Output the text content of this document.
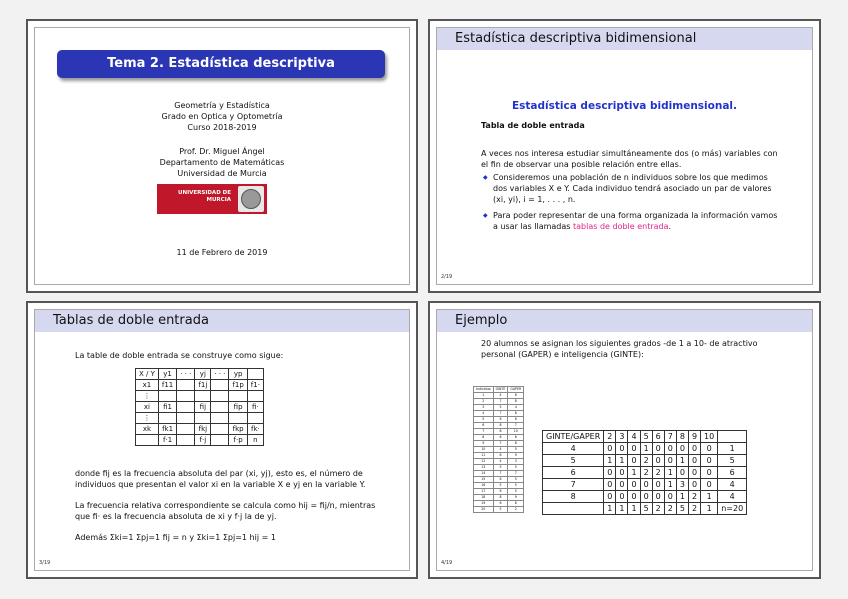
Tema 2. Estadística descriptiva bidimensional
Geometría y Estadística
Grado en Optica y Optometría
Curso 2018-2019
Prof. Dr. Miguel Ángel
Departamento de Matemáticas
Universidad de Murcia
UNIVERSIDAD DE
MURCIA
11 de Febrero de 2019
Estadística descriptiva bidimensional
Estadística descriptiva bidimensional.
Tabla de doble entrada
A veces nos interesa estudiar simultáneamente dos (o más) variables con el fin de observar una posible relación entre ellas.
◆ Consideremos una población de n individuos sobre los que medimos dos variables X e Y. Cada individuo tendrá asociado un par de valores (xi, yi), i = 1, . . . , n.
◆ Para poder representar de una forma organizada la información vamos a usar las llamadas tablas de doble entrada.
2/19
Tablas de doble entrada
La table de doble entrada se construye como sigue:
X / Y	y1	· · ·	yj	· · ·	yp	
x1	f11		f1j		f1p	f1·
⋮						
xi	fi1		fij		fip	fi·
⋮						
xk	fk1		fkj		fkp	fk·
	f·1		f·j		f·p	n
donde fij es la frecuencia absoluta del par (xi, yj), esto es, el número de individuos que presentan el valor xi en la variable X e yj en la variable Y.
La frecuencia relativa correspondiente se calcula como hij = fij/n, mientras que fi· es la frecuencia absoluta de xi y f·j la de yj.
Además Σki=1 Σpj=1 fij = n y Σki=1 Σpj=1 hij = 1
3/19
Ejemplo
20 alumnos se asignan los siguientes grados -de 1 a 10- de atractivo personal (GAPER) e inteligencia (GINTE):
Individuo	GINTE	GAPER
1	4	6
2	7	8
3	5	4
4	7	8
5	6	6
6	8	7
7	8	10
8	6	6
9	7	8
10	4	5
11	8	9
12	4	3
13	5	5
14	7	7
15	6	5
16	5	5
17	6	5
18	8	9
19	6	6
20	5	2
GINTE/GAPER	2	3	4	5	6	7	8	9	10	
4	0	0	0	1	0	0	0	0	0	1
5	1	1	0	2	0	0	1	0	0	5
6	0	0	1	2	2	1	0	0	0	6
7	0	0	0	0	0	1	3	0	0	4
8	0	0	0	0	0	0	1	2	1	4
	1	1	1	5	2	2	5	2	1	n=20
4/19
